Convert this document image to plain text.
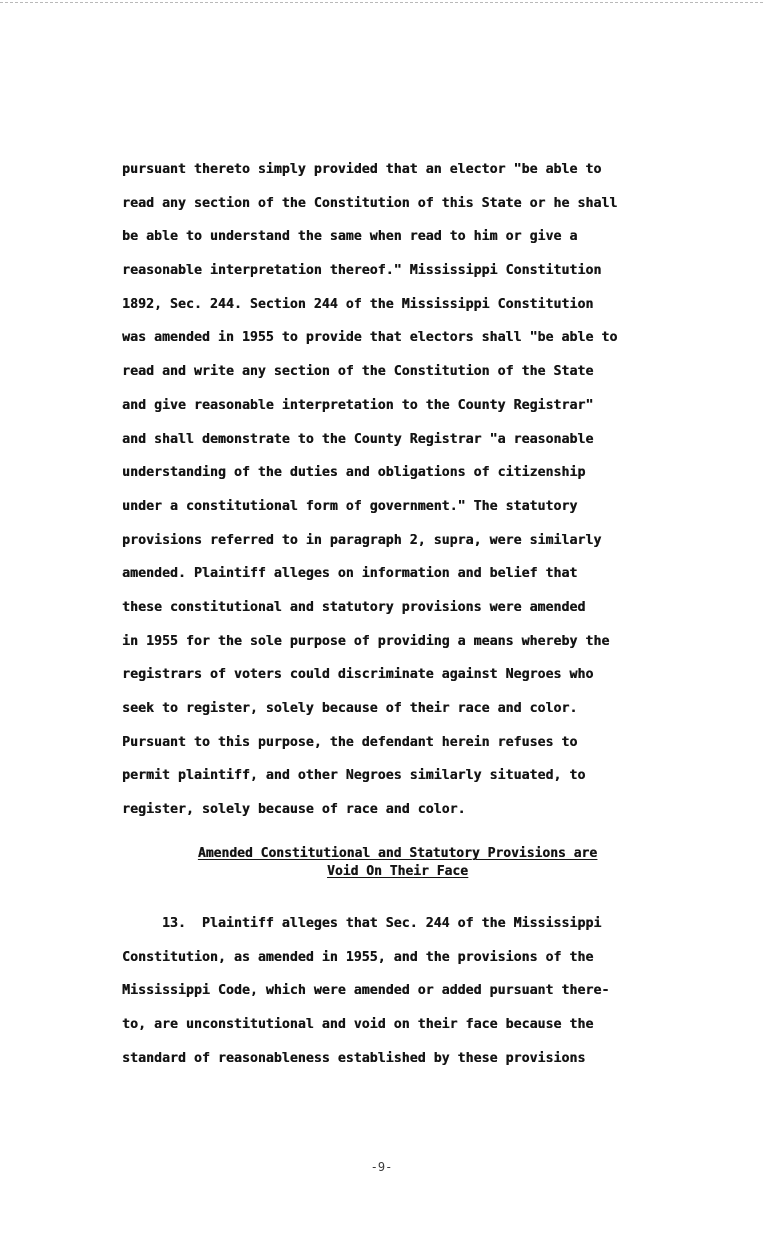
pursuant thereto simply provided that an elector "be able to
read any section of the Constitution of this State or he shall
be able to understand the same when read to him or give a
reasonable interpretation thereof." Mississippi Constitution
1892, Sec. 244. Section 244 of the Mississippi Constitution
was amended in 1955 to provide that electors shall "be able to
read and write any section of the Constitution of the State
and give reasonable interpretation to the County Registrar"
and shall demonstrate to the County Registrar "a reasonable
understanding of the duties and obligations of citizenship
under a constitutional form of government." The statutory
provisions referred to in paragraph 2, supra, were similarly
amended. Plaintiff alleges on information and belief that
these constitutional and statutory provisions were amended
in 1955 for the sole purpose of providing a means whereby the
registrars of voters could discriminate against Negroes who
seek to register, solely because of their race and color.
Pursuant to this purpose, the defendant herein refuses to
permit plaintiff, and other Negroes similarly situated, to
register, solely because of race and color.
Amended Constitutional and Statutory Provisions are
Void On Their Face
13.  Plaintiff alleges that Sec. 244 of the Mississippi
Constitution, as amended in 1955, and the provisions of the
Mississippi Code, which were amended or added pursuant there-
to, are unconstitutional and void on their face because the
standard of reasonableness established by these provisions
-9-
